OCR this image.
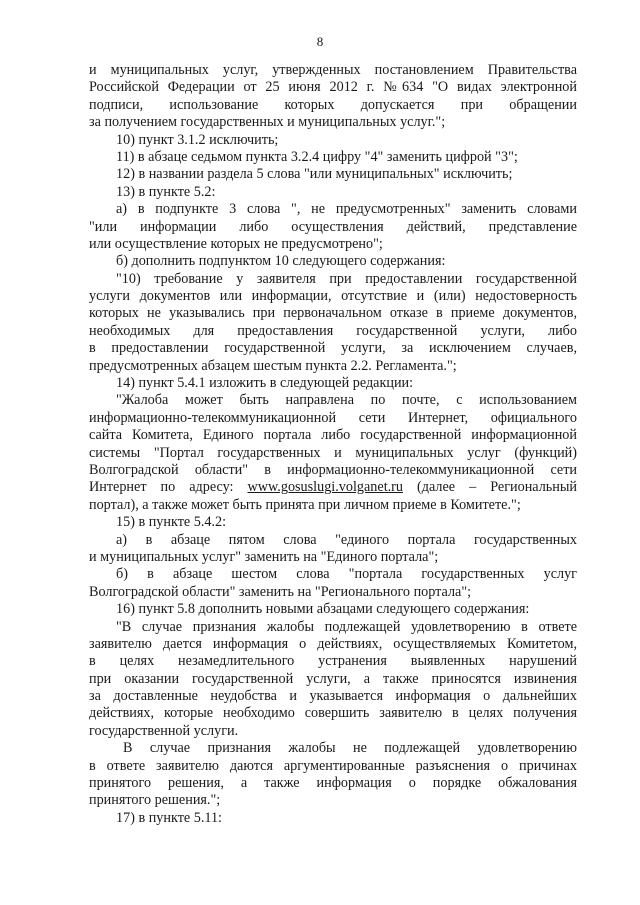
8
и муниципальных услуг, утвержденных постановлением Правительства
Российской Федерации от 25 июня 2012 г. №634 "О видах электронной
подписи, использование которых допускается при обращении
за получением государственных и муниципальных услуг.";
10) пункт 3.1.2 исключить;
11) в абзаце седьмом пункта 3.2.4 цифру "4" заменить цифрой "3";
12) в названии раздела 5 слова "или муниципальных" исключить;
13) в пункте 5.2:
а) в подпункте 3 слова ", не предусмотренных" заменить словами
"или информации либо осуществления действий, представление
или осуществление которых не предусмотрено";
б) дополнить подпунктом 10 следующего содержания:
"10) требование у заявителя при предоставлении государственной
услуги документов или информации, отсутствие и (или) недостоверность
которых не указывались при первоначальном отказе в приеме документов,
необходимых для предоставления государственной услуги, либо
в предоставлении государственной услуги, за исключением случаев,
предусмотренных абзацем шестым пункта 2.2. Регламента.";
14) пункт 5.4.1 изложить в следующей редакции:
"Жалоба может быть направлена по почте, с использованием
информационно-телекоммуникационной сети Интернет, официального
сайта Комитета, Единого портала либо государственной информационной
системы "Портал государственных и муниципальных услуг (функций)
Волгоградской области" в информационно-телекоммуникационной сети
Интернет по адресу: www.gosuslugi.volganet.ru (далее – Региональный
портал), а также может быть принята при личном приеме в Комитете.";
15) в пункте 5.4.2:
а) в абзаце пятом слова "единого портала государственных
и муниципальных услуг" заменить на "Единого портала";
б) в абзаце шестом слова "портала государственных услуг
Волгоградской области" заменить на "Регионального портала";
16) пункт 5.8 дополнить новыми абзацами следующего содержания:
"В случае признания жалобы подлежащей удовлетворению в ответе
заявителю дается информация о действиях, осуществляемых Комитетом,
в целях незамедлительного устранения выявленных нарушений
при оказании государственной услуги, а также приносятся извинения
за доставленные неудобства и указывается информация о дальнейших
действиях, которые необходимо совершить заявителю в целях получения
государственной услуги.
В случае признания жалобы не подлежащей удовлетворению
в ответе заявителю даются аргументированные разъяснения о причинах
принятого решения, а также информация о порядке обжалования
принятого решения.";
17) в пункте 5.11:
